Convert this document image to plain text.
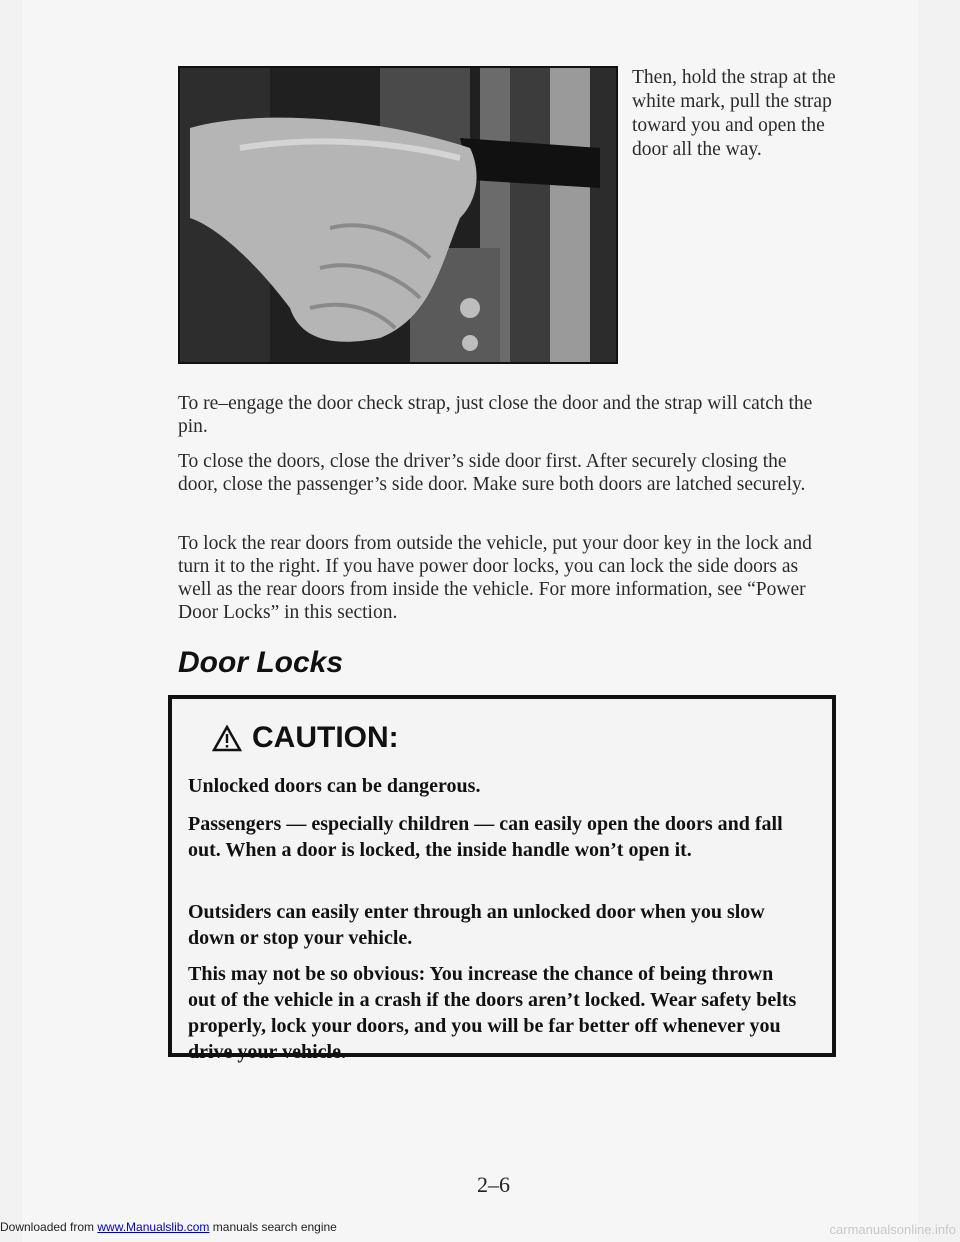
Then, hold the strap at the white mark, pull the strap toward you and open the door all the way.

To re–engage the door check strap, just close the door and the strap will catch the pin.

To close the doors, close the driver’s side door first. After securely closing the door, close the passenger’s side door. Make sure both doors are latched securely.

To lock the rear doors from outside the vehicle, put your door key in the lock and turn it to the right. If you have power door locks, you can lock the side doors as well as the rear doors from inside the vehicle. For more information, see “Power Door Locks” in this section.

Door Locks
CAUTION:

Unlocked doors can be dangerous.

Passengers — especially children — can easily open the doors and fall out. When a door is locked, the inside handle won’t open it.

Outsiders can easily enter through an unlocked door when you slow down or stop your vehicle.

This may not be so obvious: You increase the chance of being thrown out of the vehicle in a crash if the doors aren’t locked. Wear safety belts properly, lock your doors, and you will be far better off whenever you drive your vehicle.

2–6
Downloaded from www.Manualslib.com manuals search engine	carmanualsonline.info
